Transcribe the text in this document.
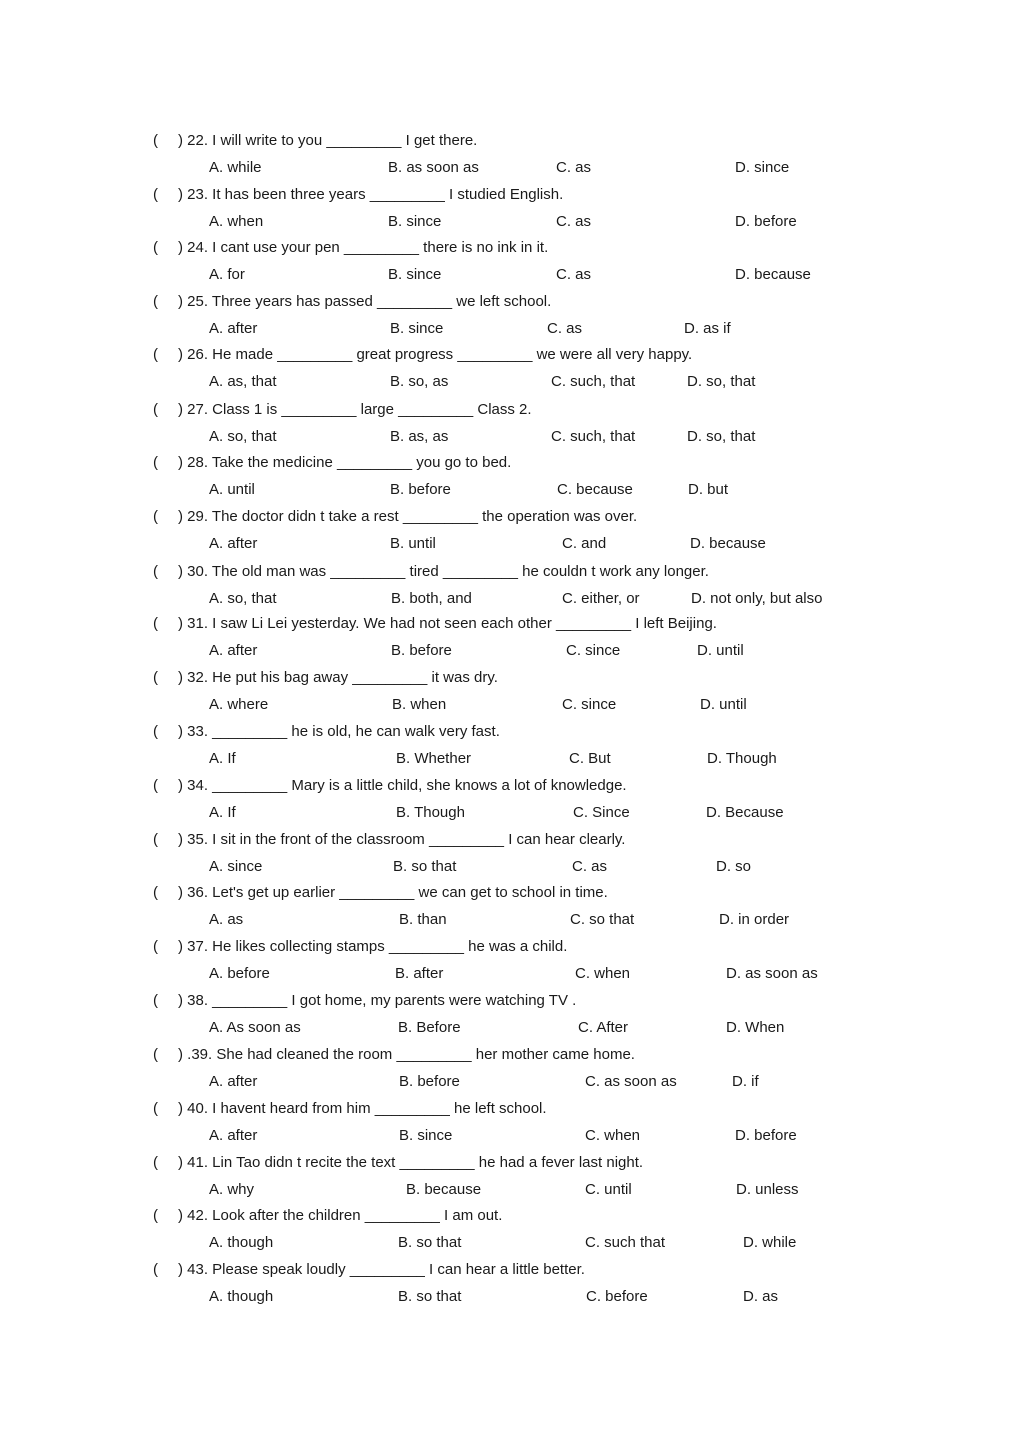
( ) 22. I will write to you _________ I get there.
A. while	B. as soon as	C. as	D. since
( ) 23. It has been three years _________ I studied English.
A. when	B. since	C. as	D. before
( ) 24. I cant use your pen _________ there is no ink in it.
A. for	B. since	C. as	D. because
( ) 25. Three years has passed _________ we left school.
A. after	B. since	C. as	D. as if
( ) 26. He made _________ great progress _________ we were all very happy.
A. as, that	B. so, as	C. such, that	D. so, that
( ) 27. Class 1 is _________ large _________ Class 2.
A. so, that	B. as, as	C. such, that	D. so, that
( ) 28. Take the medicine _________ you go to bed.
A. until	B. before	C. because	D. but
( ) 29. The doctor didn t take a rest _________ the operation was over.
A. after	B. until	C. and	D. because
( ) 30. The old man was _________ tired _________ he couldn t work any longer.
A. so, that	B. both, and	C. either, or	D. not only, but also
( ) 31. I saw Li Lei yesterday. We had not seen each other _________ I left Beijing.
A. after	B. before	C. since	D. until
( ) 32. He put his bag away _________ it was dry.
A. where	B. when	C. since	D. until
( ) 33. _________ he is old, he can walk very fast.
A. If	B. Whether	C. But	D. Though
( ) 34. _________ Mary is a little child, she knows a lot of knowledge.
A. If	B. Though	C. Since	D. Because
( ) 35. I sit in the front of the classroom _________ I can hear clearly.
A. since	B. so that	C. as	D. so
( ) 36. Let's get up earlier _________ we can get to school in time.
A. as	B. than	C. so that	D. in order
( ) 37. He likes collecting stamps _________ he was a child.
A. before	B. after	C. when	D. as soon as
( ) 38. _________ I got home, my parents were watching TV .
A. As soon as	B. Before	C. After	D. When
( ) .39. She had cleaned the room _________ her mother came home.
A. after	B. before	C. as soon as	D. if
( ) 40. I havent heard from him _________ he left school.
A. after	B. since	C. when	D. before
( ) 41. Lin Tao didn t recite the text _________ he had a fever last night.
A. why	B. because	C. until	D. unless
( ) 42. Look after the children _________ I am out.
A. though	B. so that	C. such that	D. while
( ) 43. Please speak loudly _________ I can hear a little better.
A. though	B. so that	C. before	D. as
